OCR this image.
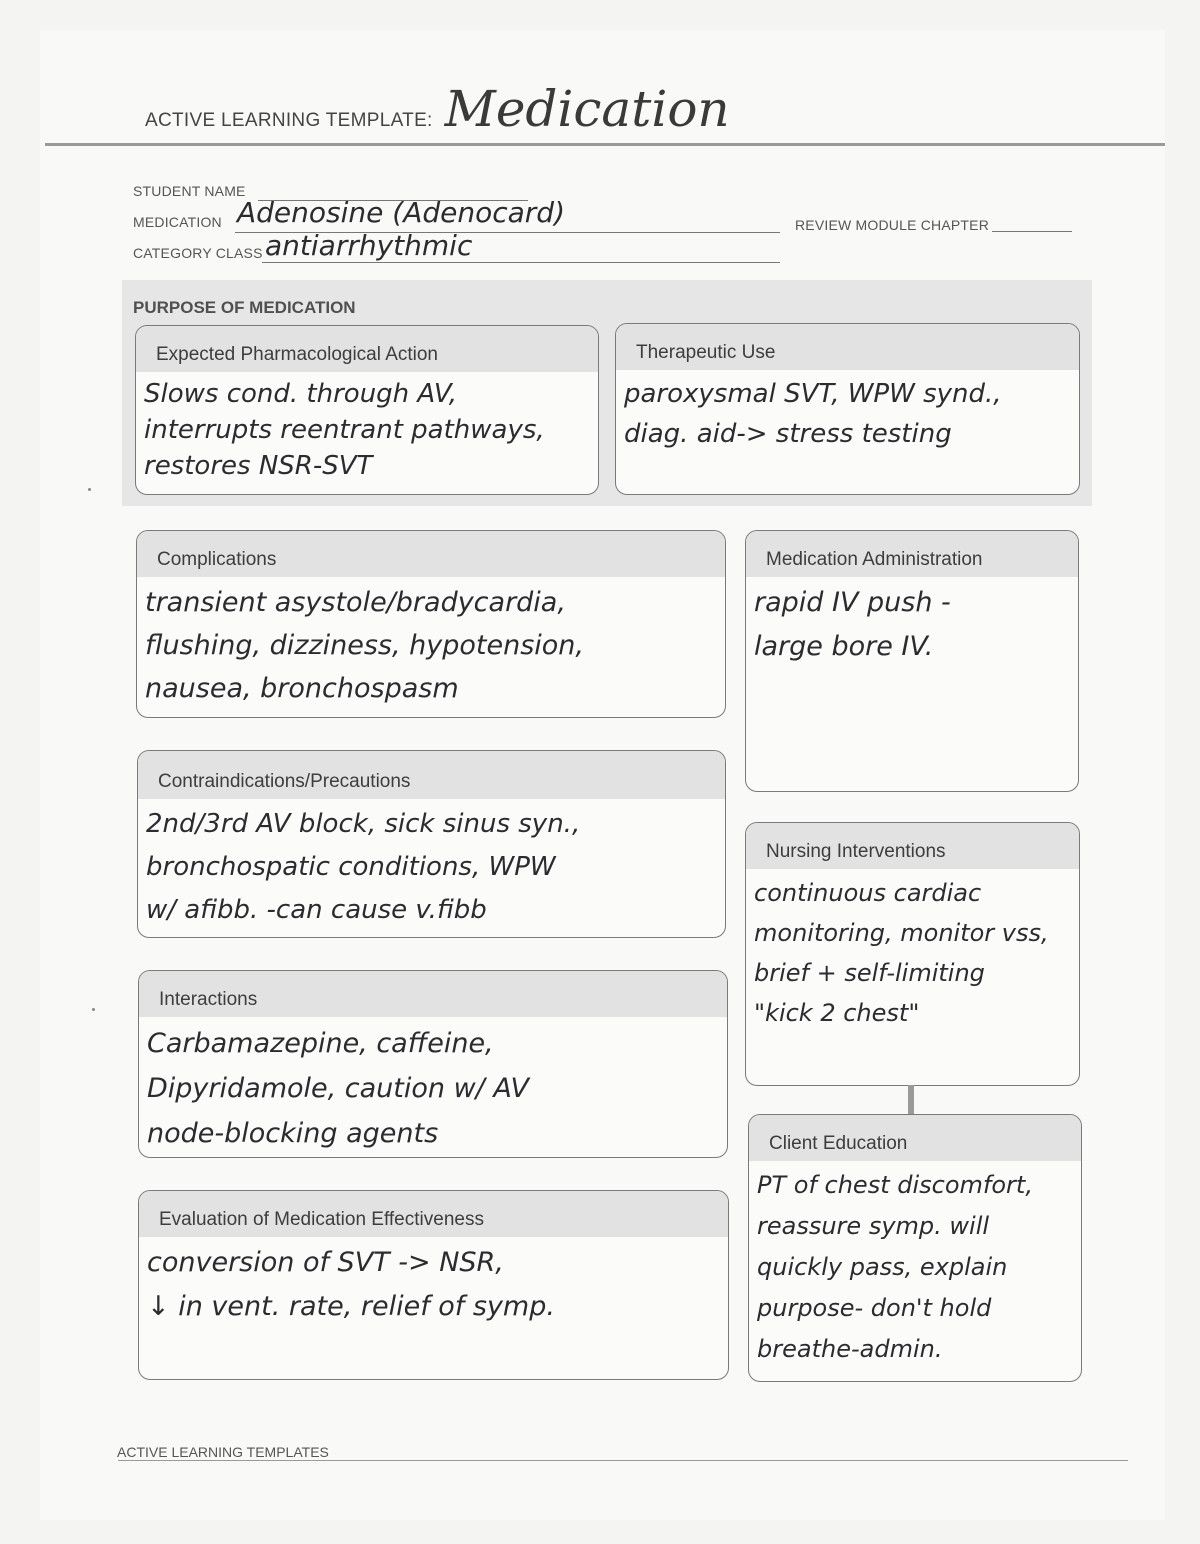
ACTIVE LEARNING TEMPLATE: Medication
STUDENT NAME
MEDICATION Adenosine (Adenocard)	REVIEW MODULE CHAPTER
CATEGORY CLASS antiarrhythmic
PURPOSE OF MEDICATION
Expected Pharmacological Action
Slows cond. through AV,
interrupts reentrant pathways,
restores NSR-SVT
Therapeutic Use
paroxysmal SVT, WPW synd.,
diag. aid-> stress testing
Complications
transient asystole/bradycardia,
flushing, dizziness, hypotension,
nausea, bronchospasm
Contraindications/Precautions
2nd/3rd AV block, sick sinus syn.,
bronchospatic conditions, WPW
w/ afibb. -can cause v.fibb
Interactions
Carbamazepine, caffeine,
Dipyridamole, caution w/ AV
node-blocking agents
Evaluation of Medication Effectiveness
conversion of SVT -> NSR,
↓ in vent. rate, relief of symp.
Medication Administration
rapid IV push -
large bore IV.
Nursing Interventions
continuous cardiac
monitoring, monitor vss,
brief + self-limiting
"kick 2 chest"
Client Education
PT of chest discomfort,
reassure symp. will
quickly pass, explain
purpose- don't hold
breathe-admin.
ACTIVE LEARNING TEMPLATES
